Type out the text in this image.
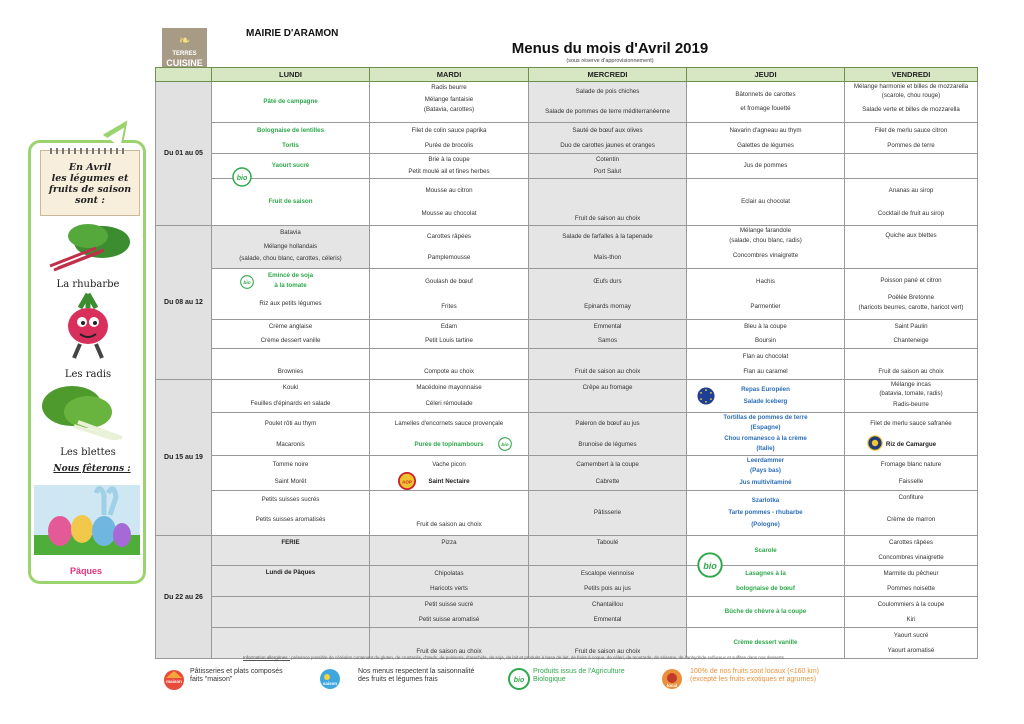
❧
TERRES
CUISINE
MAIRIE D'ARAMON
Menus du mois d'Avril 2019
(sous réserve d'approvisionnement)
En Avril
les légumes et
fruits de saison
sont :
La rhubarbe
Les radis
Les blettes
Nous fêterons :
Pâques
	LUNDI	MARDI	MERCREDI	JEUDI	VENDREDI
Du 01 au 05	Pâté de campagne	Radis beurre
Mélange fantaisie
(Batavia, carottes)	Salade de pois chiches
Salade de pommes de terre méditerranéenne	Bâtonnets de carottes
et fromage fouetté	Mélange harmonie et billes de mozzarella
(scarole, chou rouge)
Salade verte et billes de mozzarella

	Bolognaise de lentilles
Tortis	Filet de colin sauce paprika
Purée de brocolis	Sauté de bœuf aux olives
Duo de carottes jaunes et oranges	Navarin d'agneau au thym
Galettes de légumes	Filet de merlu sauce citron
Pommes de terre

	Yaourt sucré	Brie à la coupe
Petit moulé ail et fines herbes	Cotentin
Port Salut	Jus de pommes	

bio
Fruit de saison	Mousse au citron
Mousse au chocolat	Fruit de saison au choix	Eclair au chocolat	Ananas au sirop
Cocktail de fruit au sirop

Du 08 au 12	Batavia
Mélange hollandais
(salade, chou blanc, carottes, céleris)	Carottes râpées
Pamplemousse	Salade de farfalles à la tapenade
Maïs-thon	Mélange farandole
(salade, chou blanc, radis)
Concombres vinaigrette	Quiche aux blettes

bio
Emincé de soja
à la tomate
Riz aux petits légumes	Goulash de bœuf
Frites	Œufs durs
Epinards mornay	Hachis
Parmentier	Poisson pané et citron
Poêlée Bretonne
(haricots beurres, carotte, haricot vert)

	Crème anglaise
Crème dessert vanille	Edam
Petit Louis tartine	Emmental
Samos	Bleu à la coupe
Boursin	Saint Paulin
Chanteneige

	Brownies	Compote au choix	Fruit de saison au choix	Flan au chocolat
Flan au caramel	Fruit de saison au choix

Du 15 au 19	Kouki
Feuilles d'épinards en salade	Macédoine mayonnaise
Céleri rémoulade	Crêpe au fromage	Repas Européen
Salade Iceberg	Mélange incas
(batavia, tomate, radis)
Radis-beurre

	Poulet rôti au thym
Macaronis	Lamelles d'encornets sauce provençale
Purée de topinambours bio	Paleron de bœuf au jus
Brunoise de légumes	Tortillas de pommes de terre
(Espagne)
Chou romanesco à la crème
(Italie)	Filet de merlu sauce safranée
Riz de Camargue

	Tomme noire
Saint Morêt	AOP
Vache picon
Saint Nectaire	Camembert à la coupe
Cabrette	Leerdammer
(Pays bas)
Jus multivitaminé	Fromage blanc nature
Faisselle

	Petits suisses sucrés
Petits suisses aromatisés	Fruit de saison au choix	Pâtisserie	Szarlotka
Tarte pommes - rhubarbe
(Pologne)	Confiture
Crème de marron

Du 22 au 26	FERIE	Pizza	Taboulé	Scarole	Carottes râpées
Concombres vinaigrette

	Lundi de Pâques	Chipolatas
Haricots verts	Escalope viennoise
Petits pois au jus	bio
Lasagnes à la
bolognaise de bœuf	Marmite du pêcheur
Pommes noisette

		Petit suisse sucré
Petit suisse aromatisé	Chantaillou
Emmental	Bûche de chèvre à la coupe	Coulommiers à la coupe
Kiri

		Fruit de saison au choix	Fruit de saison au choix	Crème dessert vanille	Yaourt sucré
Yaourt aromatisé
Information allergènes : présence possible de céréales contenant du gluten, de crustacés, d'œufs, de poissons, d'arachide, de soja, de lait et produits à base de lait, de fruits à coque, de céleri, de moutarde, de sésame, de l'anhydride sulfureux et sulfites dans nos desserts.
maison
Pâtisseries et plats composés
faits "maison"
saison
Nos menus respectent la saisonnalité
des fruits et légumes frais	bio
Produits issus de l'Agriculture
Biologique
local
100% de nos fruits sont locaux (<160 km)
(excepté les fruits exotiques et agrumes)
